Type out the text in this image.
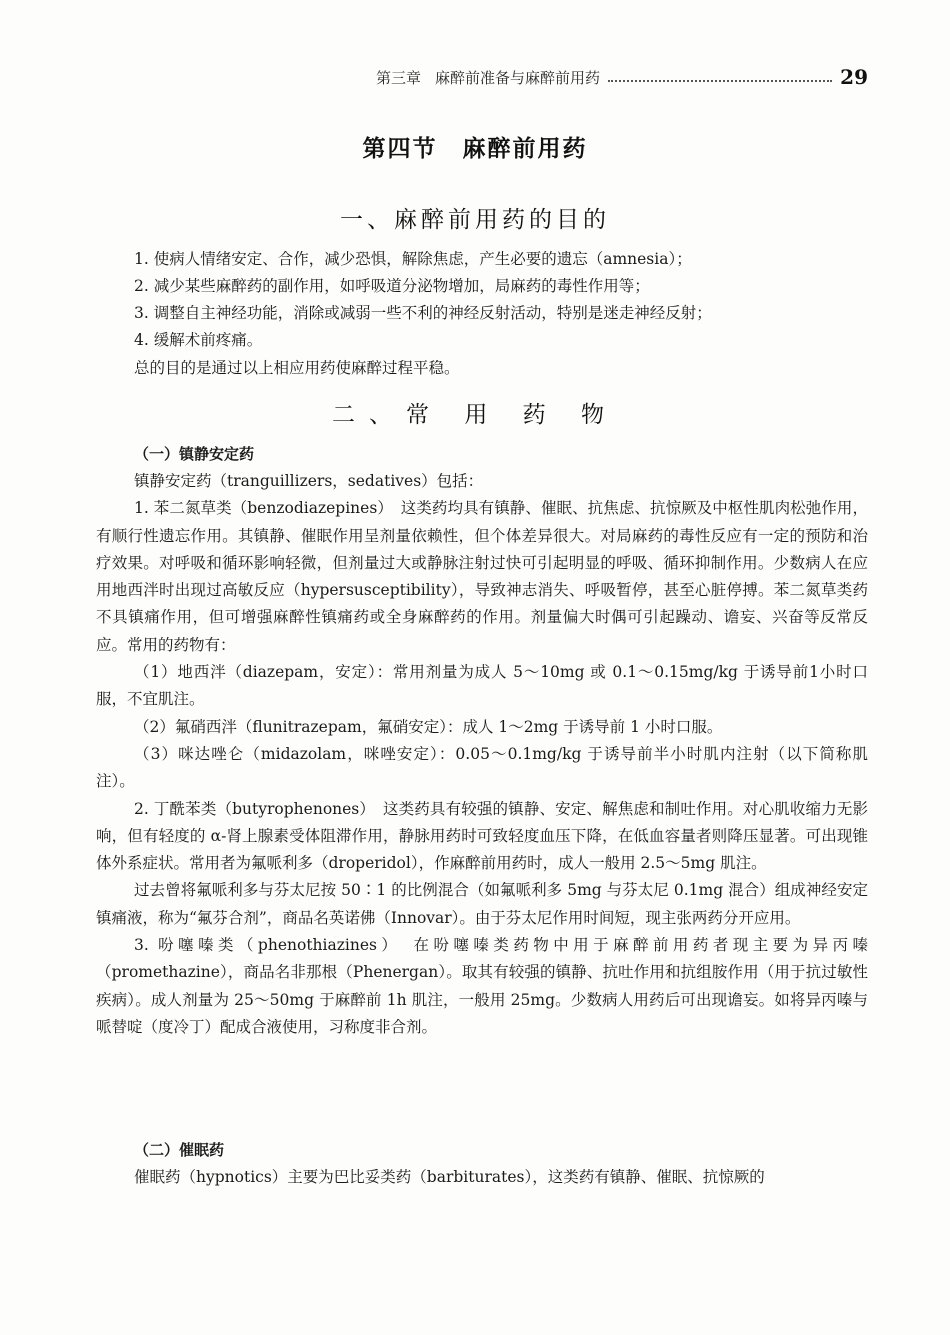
第三章 麻醉前准备与麻醉前用药	29
第四节　麻醉前用药
一、麻醉前用药的目的
1. 使病人情绪安定、合作，减少恐惧，解除焦虑，产生必要的遗忘（amnesia）；
2. 减少某些麻醉药的副作用，如呼吸道分泌物增加，局麻药的毒性作用等；
3. 调整自主神经功能，消除或减弱一些不利的神经反射活动，特别是迷走神经反射；
4. 缓解术前疼痛。
总的目的是通过以上相应用药使麻醉过程平稳。
二、常 用 药 物
（一）镇静安定药

镇静安定药（tranguillizers，sedatives）包括：

1. 苯二氮草类（benzodiazepines）　这类药均具有镇静、催眠、抗焦虑、抗惊厥及中枢性肌肉松弛作用，有顺行性遗忘作用。其镇静、催眠作用呈剂量依赖性，但个体差异很大。对局麻药的毒性反应有一定的预防和治疗效果。对呼吸和循环影响轻微，但剂量过大或静脉注射过快可引起明显的呼吸、循环抑制作用。少数病人在应用地西泮时出现过高敏反应（hypersusceptibility），导致神志消失、呼吸暂停，甚至心脏停搏。苯二氮草类药不具镇痛作用，但可增强麻醉性镇痛药或全身麻醉药的作用。剂量偏大时偶可引起躁动、谵妄、兴奋等反常反应。常用的药物有：

（1）地西泮（diazepam，安定）：常用剂量为成人 5～10mg 或 0.1～0.15mg/kg 于诱导前1小时口服，不宜肌注。

（2）氟硝西泮（flunitrazepam，氟硝安定）：成人 1～2mg 于诱导前 1 小时口服。

（3）咪达唑仑（midazolam，咪唑安定）：0.05～0.1mg/kg 于诱导前半小时肌内注射（以下简称肌注）。

2. 丁酰苯类（butyrophenones）　这类药具有较强的镇静、安定、解焦虑和制吐作用。对心肌收缩力无影响，但有轻度的 α-肾上腺素受体阻滞作用，静脉用药时可致轻度血压下降，在低血容量者则降压显著。可出现锥体外系症状。常用者为氟哌利多（droperidol），作麻醉前用药时，成人一般用 2.5～5mg 肌注。

过去曾将氟哌利多与芬太尼按 50∶1 的比例混合（如氟哌利多 5mg 与芬太尼 0.1mg 混合）组成神经安定镇痛液，称为“氟芬合剂”，商品名英诺佛（Innovar）。由于芬太尼作用时间短，现主张两药分开应用。

3. 吩噻嗪类（phenothiazines）　在吩噻嗪类药物中用于麻醉前用药者现主要为异丙嗪（promethazine），商品名非那根（Phenergan）。取其有较强的镇静、抗吐作用和抗组胺作用（用于抗过敏性疾病）。成人剂量为 25～50mg 于麻醉前 1h 肌注，一般用 25mg。少数病人用药后可出现谵妄。如将异丙嗪与哌替啶（度冷丁）配成合液使用，习称度非合剂。

（二）催眠药

催眠药（hypnotics）主要为巴比妥类药（barbiturates），这类药有镇静、催眠、抗惊厥的
